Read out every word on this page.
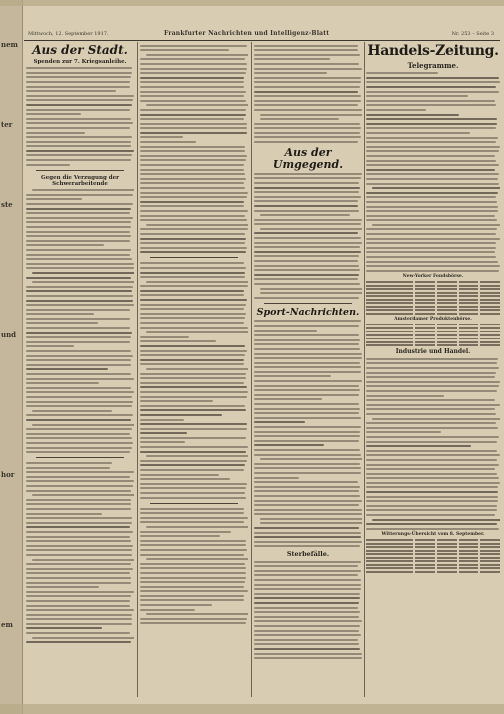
nem
ter
ste
und
hor
em
Mittwoch, 12. September 1917.	Frankfurter Nachrichten und Intelligenz-Blatt	Nr. 253 – Seite 3
Aus der Stadt.
Spenden zur 7. Kriegsanleihe.
Gegen die Verzugung der Schwerarbeitende
Aus der Umgegend.
Sport-Nachrichten.
Sterbefälle.
Handels-Zeitung.
Telegramme.
New-Yorker Fondsbörse.
Amsterdamer Produktenbörse.
Industrie und Handel.
Witterungs-Übersicht vom 8. September.
